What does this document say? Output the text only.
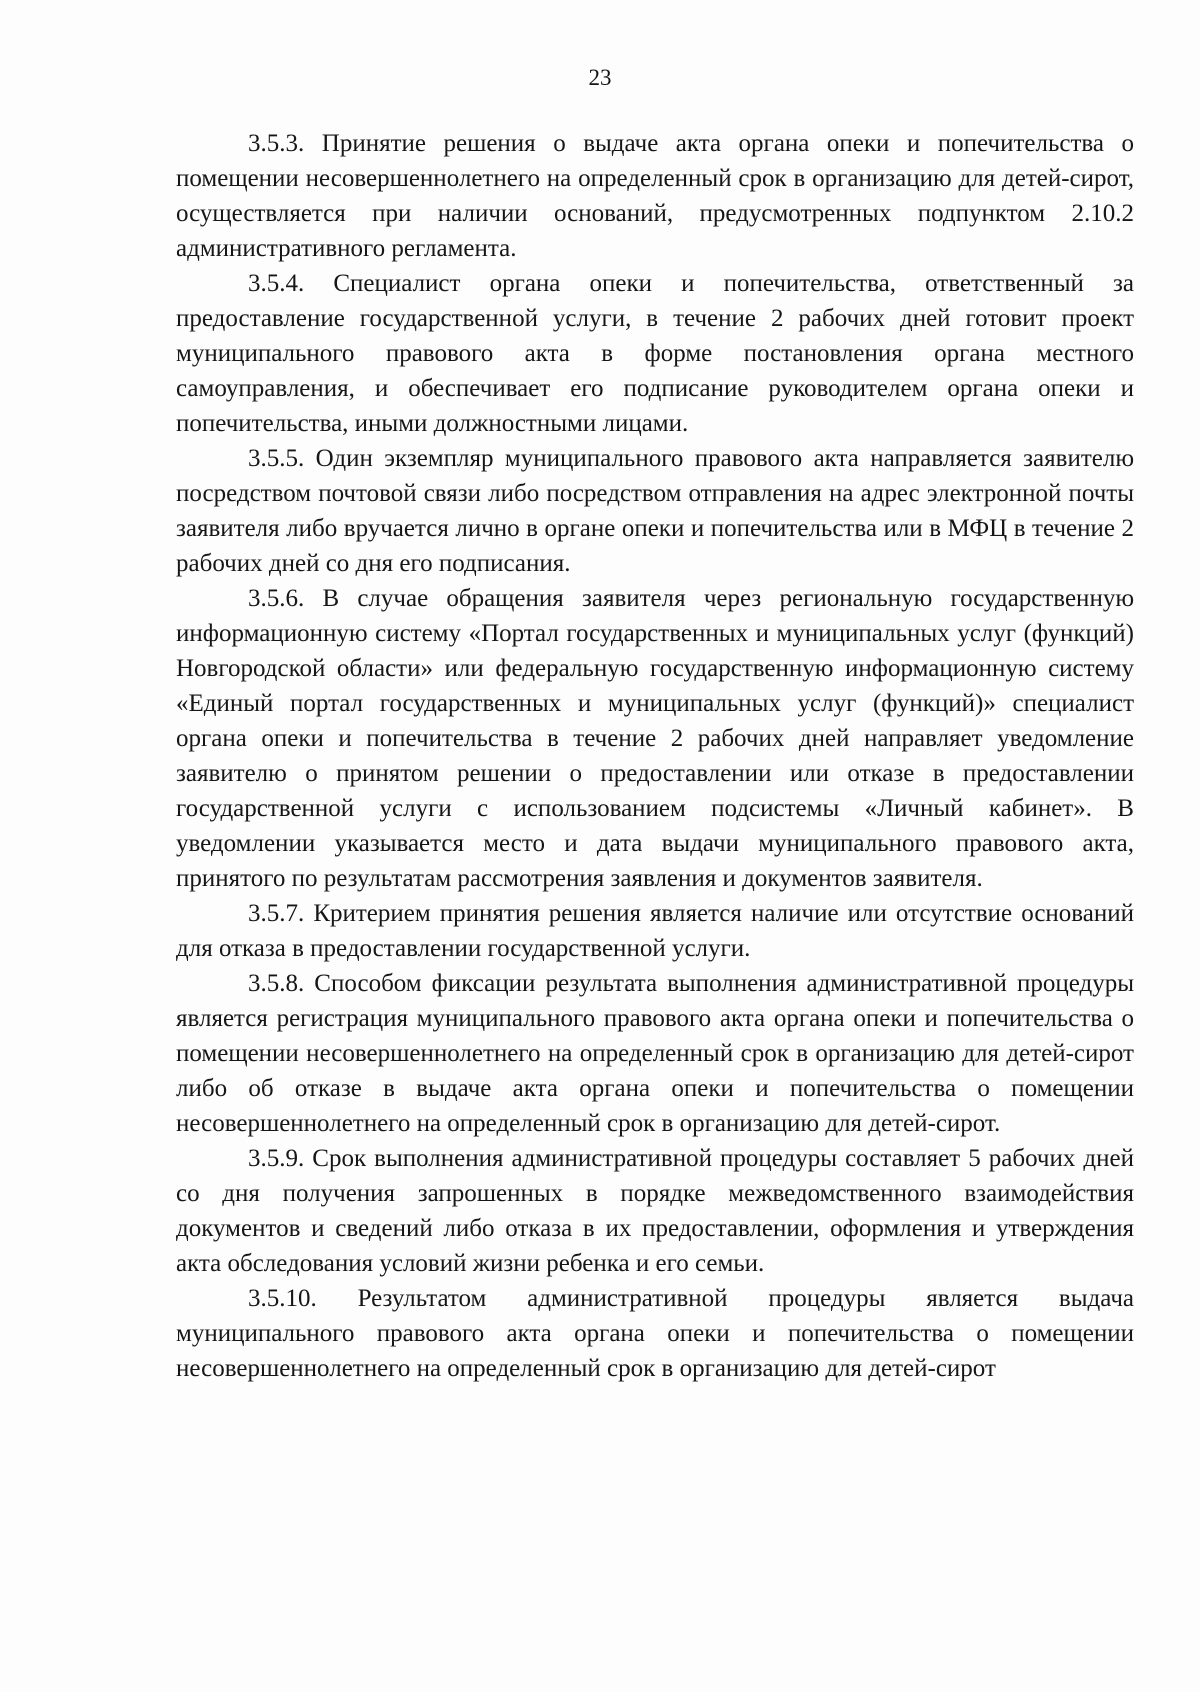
23

3.5.3. Принятие решения о выдаче акта органа опеки и попечительства о помещении несовершеннолетнего на определенный срок в организацию для детей-сирот, осуществляется при наличии оснований, предусмотренных подпунктом 2.10.2 административного регламента.

3.5.4. Специалист органа опеки и попечительства, ответственный за предоставление государственной услуги, в течение 2 рабочих дней готовит проект муниципального правового акта в форме постановления органа местного самоуправления, и обеспечивает его подписание руководителем органа опеки и попечительства, иными должностными лицами.

3.5.5. Один экземпляр муниципального правового акта направляется заявителю посредством почтовой связи либо посредством отправления на адрес электронной почты заявителя либо вручается лично в органе опеки и попечительства или в МФЦ в течение 2 рабочих дней со дня его подписания.

3.5.6. В случае обращения заявителя через региональную государственную информационную систему «Портал государственных и муниципальных услуг (функций) Новгородской области» или федеральную государственную информационную систему «Единый портал государственных и муниципальных услуг (функций)» специалист органа опеки и попечительства в течение 2 рабочих дней направляет уведомление заявителю о принятом решении о предоставлении или отказе в предоставлении государственной услуги с использованием подсистемы «Личный кабинет». В уведомлении указывается место и дата выдачи муниципального правового акта, принятого по результатам рассмотрения заявления и документов заявителя.

3.5.7. Критерием принятия решения является наличие или отсутствие оснований для отказа в предоставлении государственной услуги.

3.5.8. Способом фиксации результата выполнения административной процедуры является регистрация муниципального правового акта органа опеки и попечительства о помещении несовершеннолетнего на определенный срок в организацию для детей-сирот либо об отказе в выдаче акта органа опеки и попечительства о помещении несовершеннолетнего на определенный срок в организацию для детей-сирот.

3.5.9. Срок выполнения административной процедуры составляет 5 рабочих дней со дня получения запрошенных в порядке межведомственного взаимодействия документов и сведений либо отказа в их предоставлении, оформления и утверждения акта обследования условий жизни ребенка и его семьи.

3.5.10. Результатом административной процедуры является выдача муниципального правового акта органа опеки и попечительства о помещении несовершеннолетнего на определенный срок в организацию для детей-сирот
